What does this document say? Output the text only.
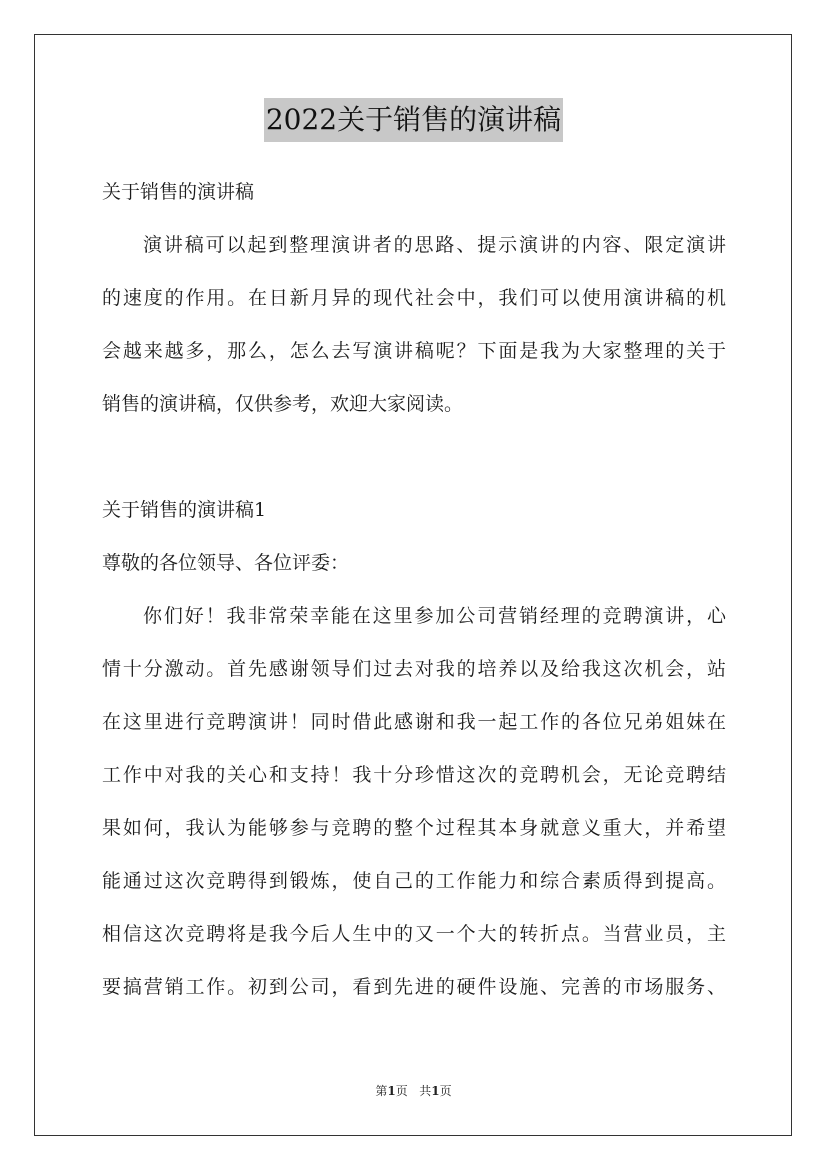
2022关于销售的演讲稿
关于销售的演讲稿
演讲稿可以起到整理演讲者的思路、提示演讲的内容、限定演讲
的速度的作用。在日新月异的现代社会中，我们可以使用演讲稿的机
会越来越多，那么，怎么去写演讲稿呢？下面是我为大家整理的关于
销售的演讲稿，仅供参考，欢迎大家阅读。
关于销售的演讲稿1
尊敬的各位领导、各位评委：
你们好！我非常荣幸能在这里参加公司营销经理的竞聘演讲，心
情十分激动。首先感谢领导们过去对我的培养以及给我这次机会，站
在这里进行竞聘演讲！同时借此感谢和我一起工作的各位兄弟姐妹在
工作中对我的关心和支持！我十分珍惜这次的竞聘机会，无论竞聘结
果如何，我认为能够参与竞聘的整个过程其本身就意义重大，并希望
能通过这次竞聘得到锻炼，使自己的工作能力和综合素质得到提高。
相信这次竞聘将是我今后人生中的又一个大的转折点。当营业员，主
要搞营销工作。初到公司，看到先进的硬件设施、完善的市场服务、
第1页 共1页
